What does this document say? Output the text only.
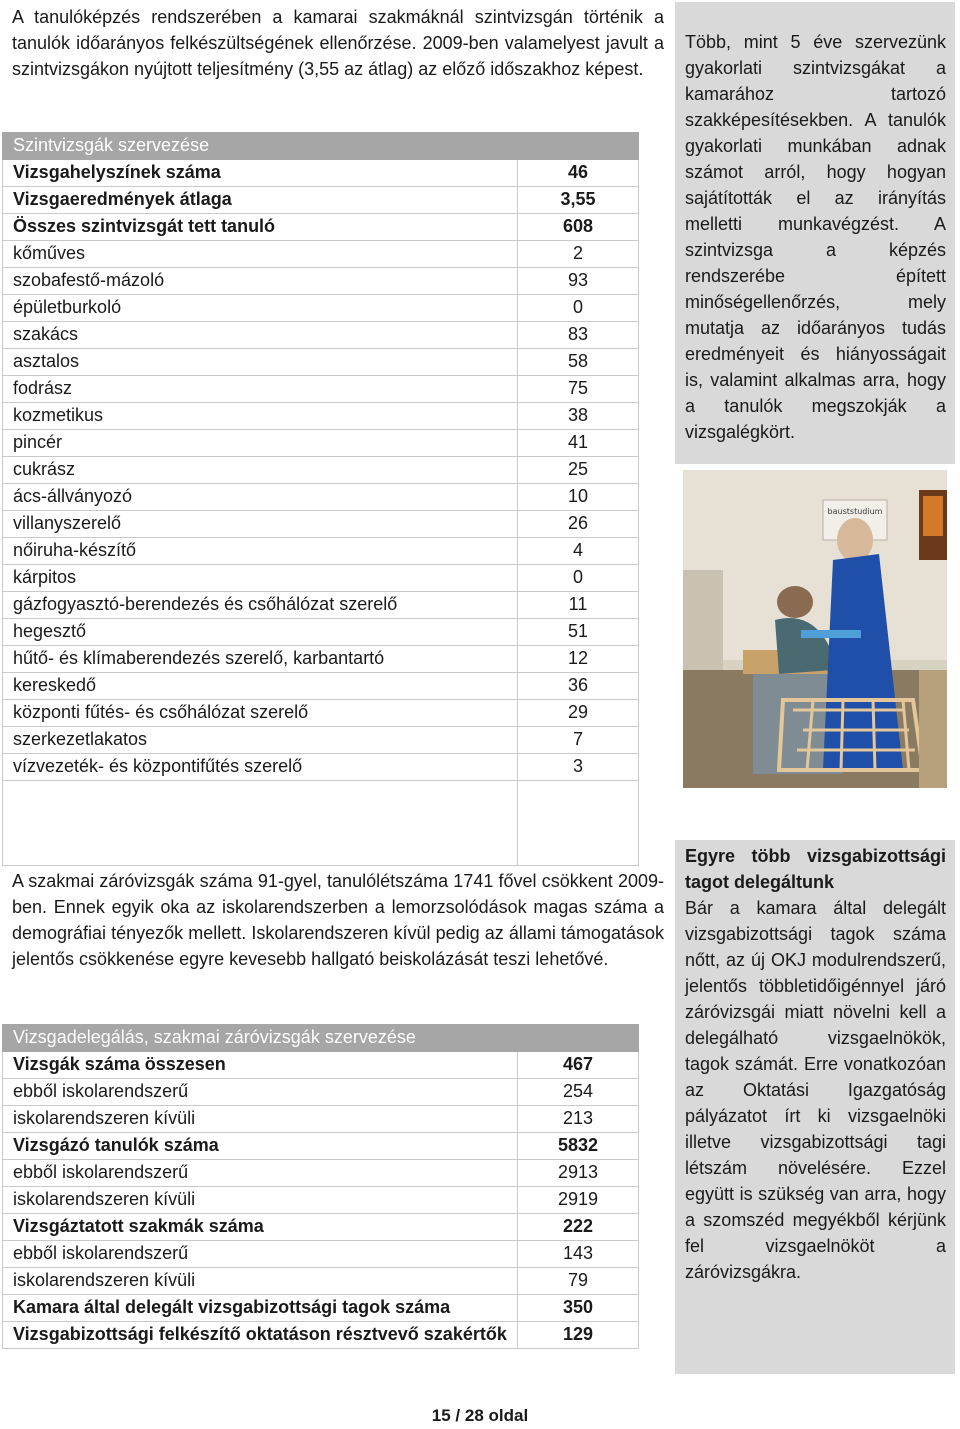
A tanulóképzés rendszerében a kamarai szakmáknál szintvizsgán történik a tanulók időarányos felkészültségének ellenőrzése. 2009-ben valamelyest javult a szintvizsgákon nyújtott teljesítmény (3,55 az átlag) az előző időszakhoz képest.

Szintvizsgák szervezése	
Vizsgahelyszínek száma	46
Vizsgaeredmények átlaga	3,55
Összes szintvizsgát tett tanuló	608
kőműves	2
szobafestő-mázoló	93
épületburkoló	0
szakács	83
asztalos	58
fodrász	75
kozmetikus	38
pincér	41
cukrász	25
ács-állványozó	10
villanyszerelő	26
nőiruha-készítő	4
kárpitos	0
gázfogyasztó-berendezés és csőhálózat szerelő	11
hegesztő	51
hűtő- és klímaberendezés szerelő, karbantartó	12
kereskedő	36
központi fűtés- és csőhálózat szerelő	29
szerkezetlakatos	7
vízvezeték- és központifűtés szerelő	3

A szakmai záróvizsgák száma 91-gyel, tanulólétszáma 1741 fővel csökkent 2009-ben. Ennek egyik oka az iskolarendszerben a lemorzsolódások magas száma a demográfiai tényezők mellett. Iskolarendszeren kívül pedig az állami támogatások jelentős csökkenése egyre kevesebb hallgató beiskolázását teszi lehetővé.

Vizsgadelegálás, szakmai záróvizsgák szervezése	
Vizsgák száma összesen	467
ebből iskolarendszerű	254
iskolarendszeren kívüli	213
Vizsgázó tanulók száma	5832
ebből iskolarendszerű	2913
iskolarendszeren kívüli	2919
Vizsgáztatott szakmák száma	222
ebből iskolarendszerű	143
iskolarendszeren kívüli	79
Kamara által delegált vizsgabizottsági tagok száma	350
Vizsgabizottsági felkészítő oktatáson résztvevő szakértők	129

Több, mint 5 éve szervezünk gyakorlati szintvizsgákat a kamarához tartozó szakképesítésekben. A tanulók gyakorlati munkában adnak számot arról, hogy hogyan sajátították el az irányítás melletti munkavégzést. A szintvizsga a képzés rendszerébe épített minőségellenőrzés, mely mutatja az időarányos tudás eredményeit és hiányosságait is, valamint alkalmas arra, hogy a tanulók megszokják a vizsgalégkört.

bauststudium

Egyre több vizsgabizottsági tagot delegáltunk

Bár a kamara által delegált vizsgabizottsági tagok száma nőtt, az új OKJ modulrendszerű, jelentős többletidőigénnyel járó záróvizsgái miatt növelni kell a delegálható vizsgaelnökök, tagok számát. Erre vonatkozóan az Oktatási Igazgatóság pályázatot írt ki vizsgaelnöki illetve vizsgabizottsági tagi létszám növelésére. Ezzel együtt is szükség van arra, hogy a szomszéd megyékből kérjünk fel vizsgaelnököt a záróvizsgákra.

15 / 28 oldal
